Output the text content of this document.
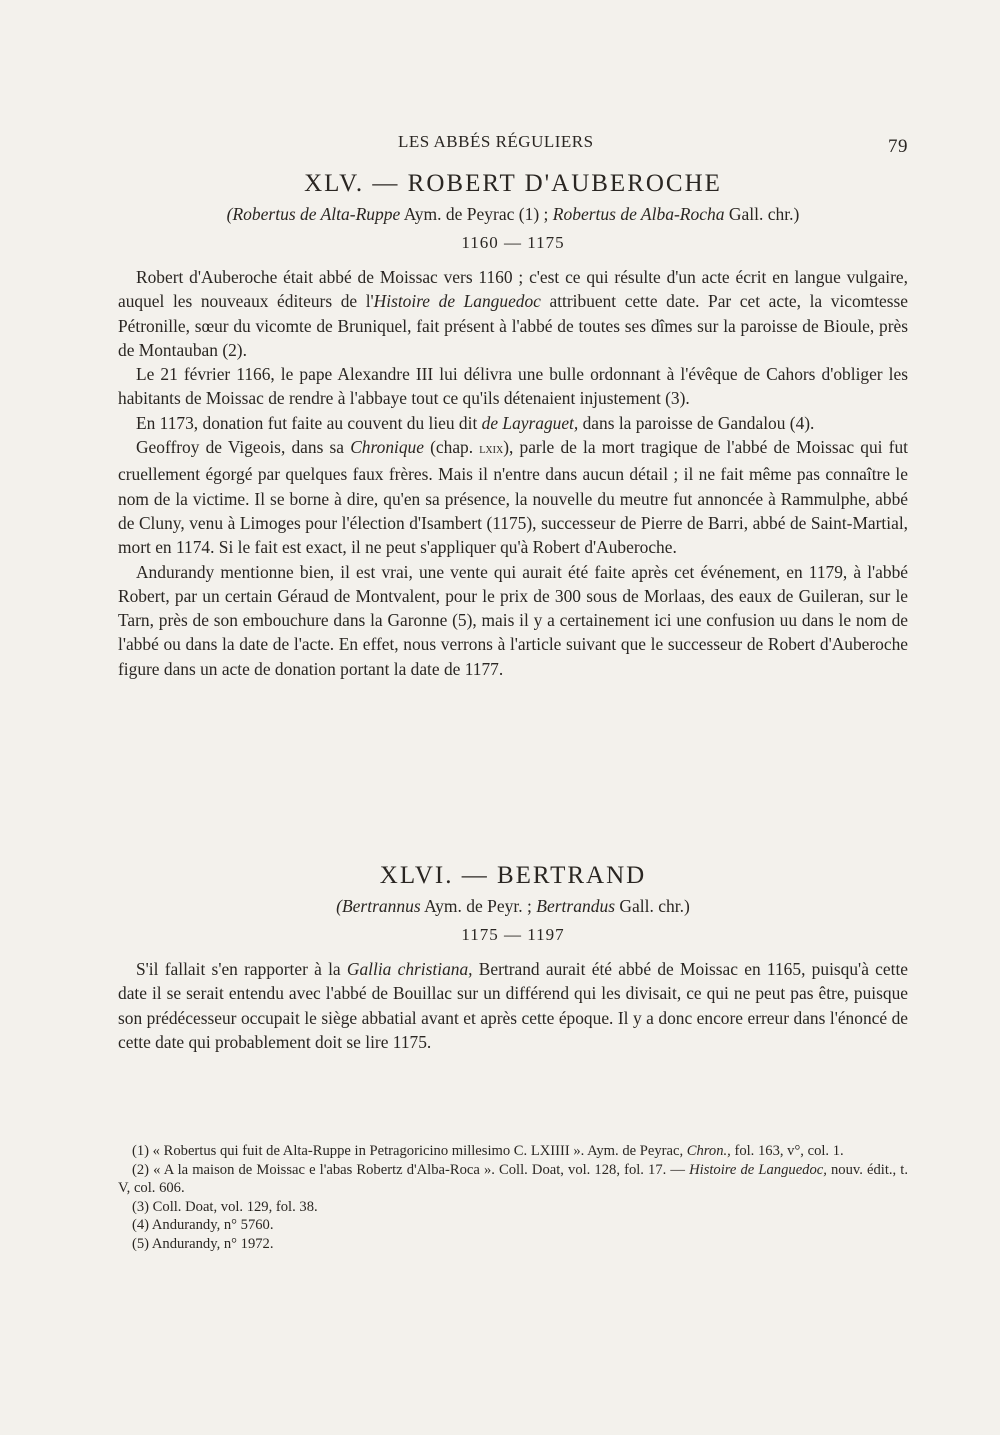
LES ABBÉS RÉGULIERS	79
XLV. — ROBERT D'AUBEROCHE

(Robertus de Alta-Ruppe Aym. de Peyrac (1) ; Robertus de Alba-Rocha Gall. chr.)

1160 — 1175

Robert d'Auberoche était abbé de Moissac vers 1160 ; c'est ce qui résulte d'un acte écrit en langue vulgaire, auquel les nouveaux éditeurs de l'Histoire de Languedoc attribuent cette date. Par cet acte, la vicomtesse Pétronille, sœur du vicomte de Bruniquel, fait présent à l'abbé de toutes ses dîmes sur la paroisse de Bioule, près de Montauban (2).

Le 21 février 1166, le pape Alexandre III lui délivra une bulle ordonnant à l'évêque de Cahors d'obliger les habitants de Moissac de rendre à l'abbaye tout ce qu'ils détenaient injustement (3).

En 1173, donation fut faite au couvent du lieu dit de Layraguet, dans la paroisse de Gandalou (4).

Geoffroy de Vigeois, dans sa Chronique (chap. lxix), parle de la mort tragique de l'abbé de Moissac qui fut cruellement égorgé par quelques faux frères. Mais il n'entre dans aucun détail ; il ne fait même pas connaître le nom de la victime. Il se borne à dire, qu'en sa présence, la nouvelle du meutre fut annoncée à Rammulphe, abbé de Cluny, venu à Limoges pour l'élection d'Isambert (1175), successeur de Pierre de Barri, abbé de Saint-Martial, mort en 1174. Si le fait est exact, il ne peut s'appliquer qu'à Robert d'Auberoche.

Andurandy mentionne bien, il est vrai, une vente qui aurait été faite après cet événement, en 1179, à l'abbé Robert, par un certain Géraud de Montvalent, pour le prix de 300 sous de Morlaas, des eaux de Guileran, sur le Tarn, près de son embouchure dans la Garonne (5), mais il y a certainement ici une confusion uu dans le nom de l'abbé ou dans la date de l'acte. En effet, nous verrons à l'article suivant que le successeur de Robert d'Auberoche figure dans un acte de donation portant la date de 1177.

XLVI. — BERTRAND

(Bertrannus Aym. de Peyr. ; Bertrandus Gall. chr.)

1175 — 1197

S'il fallait s'en rapporter à la Gallia christiana, Bertrand aurait été abbé de Moissac en 1165, puisqu'à cette date il se serait entendu avec l'abbé de Bouillac sur un différend qui les divisait, ce qui ne peut pas être, puisque son prédécesseur occupait le siège abbatial avant et après cette époque. Il y a donc encore erreur dans l'énoncé de cette date qui probablement doit se lire 1175.

(1) « Robertus qui fuit de Alta-Ruppe in Petragoricino millesimo C. LXIIII ». Aym. de Peyrac, Chron., fol. 163, v°, col. 1.

(2) « A la maison de Moissac e l'abas Robertz d'Alba-Roca ». Coll. Doat, vol. 128, fol. 17. — Histoire de Languedoc, nouv. édit., t. V, col. 606.

(3) Coll. Doat, vol. 129, fol. 38.

(4) Andurandy, n° 5760.

(5) Andurandy, n° 1972.
